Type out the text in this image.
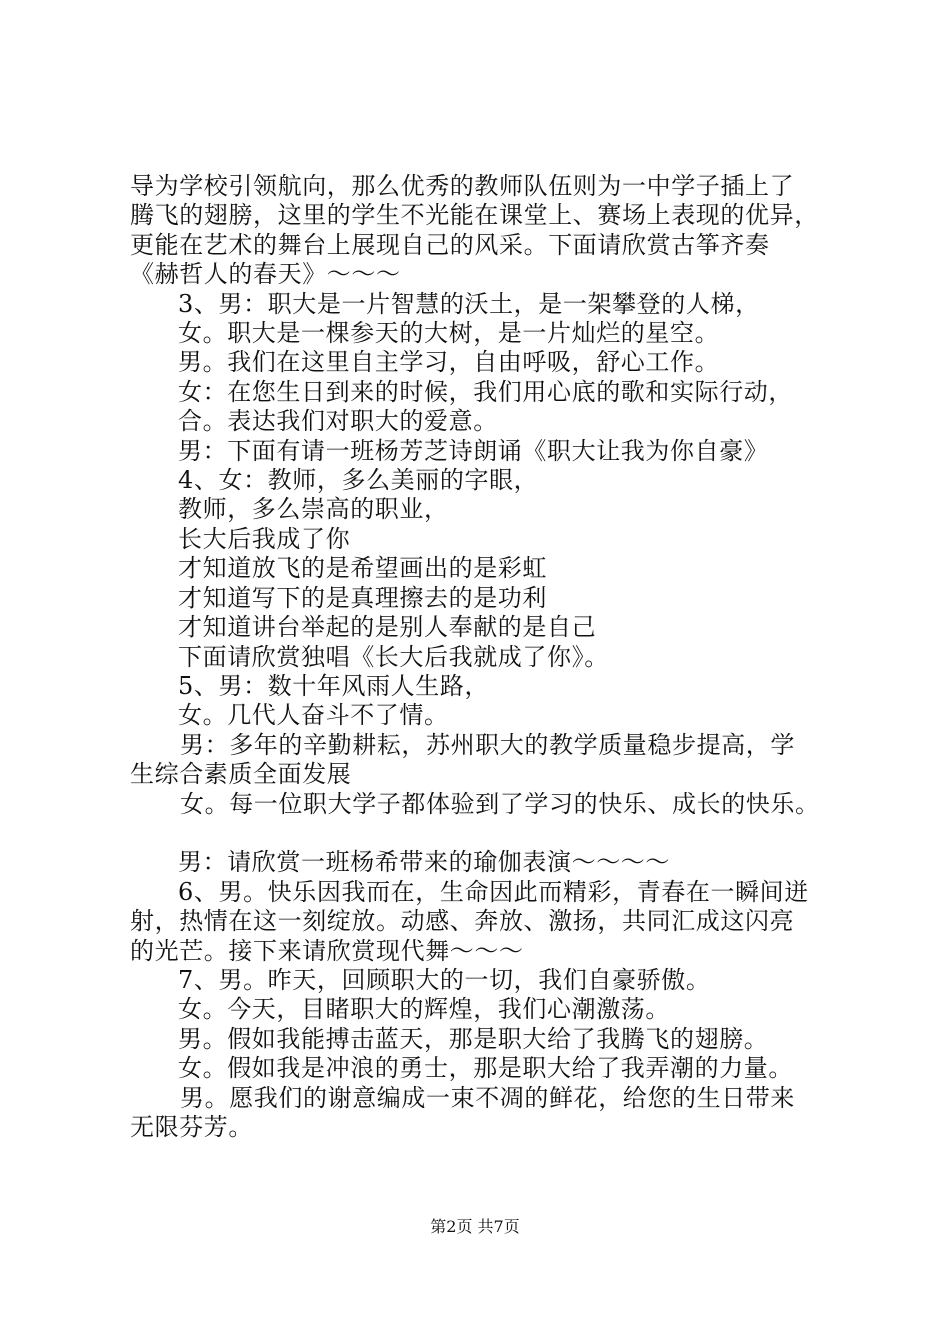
导为学校引领航向，那么优秀的教师队伍则为一中学子插上了

腾飞的翅膀，这里的学生不光能在课堂上、赛场上表现的优异，

更能在艺术的舞台上展现自己的风采。下面请欣赏古筝齐奏

《赫哲人的春天》～～～

3、男：职大是一片智慧的沃土，是一架攀登的人梯，

女。职大是一棵参天的大树，是一片灿烂的星空。

男。我们在这里自主学习，自由呼吸，舒心工作。

女：在您生日到来的时候，我们用心底的歌和实际行动，

合。表达我们对职大的爱意。

男：下面有请一班杨芳芝诗朗诵《职大让我为你自豪》

4、女：教师，多么美丽的字眼，

教师，多么崇高的职业，

长大后我成了你

才知道放飞的是希望画出的是彩虹

才知道写下的是真理擦去的是功利

才知道讲台举起的是别人奉献的是自己

下面请欣赏独唱《长大后我就成了你》。

5、男：数十年风雨人生路，

女。几代人奋斗不了情。

男：多年的辛勤耕耘，苏州职大的教学质量稳步提高，学

生综合素质全面发展

女。每一位职大学子都体验到了学习的快乐、成长的快乐。

男：请欣赏一班杨希带来的瑜伽表演～～～～

6、男。快乐因我而在，生命因此而精彩，青春在一瞬间迸

射，热情在这一刻绽放。动感、奔放、激扬，共同汇成这闪亮

的光芒。接下来请欣赏现代舞～～～

7、男。昨天，回顾职大的一切，我们自豪骄傲。

女。今天，目睹职大的辉煌，我们心潮激荡。

男。假如我能搏击蓝天，那是职大给了我腾飞的翅膀。

女。假如我是冲浪的勇士，那是职大给了我弄潮的力量。

男。愿我们的谢意编成一束不凋的鲜花，给您的生日带来

无限芬芳。

第2页 共7页
